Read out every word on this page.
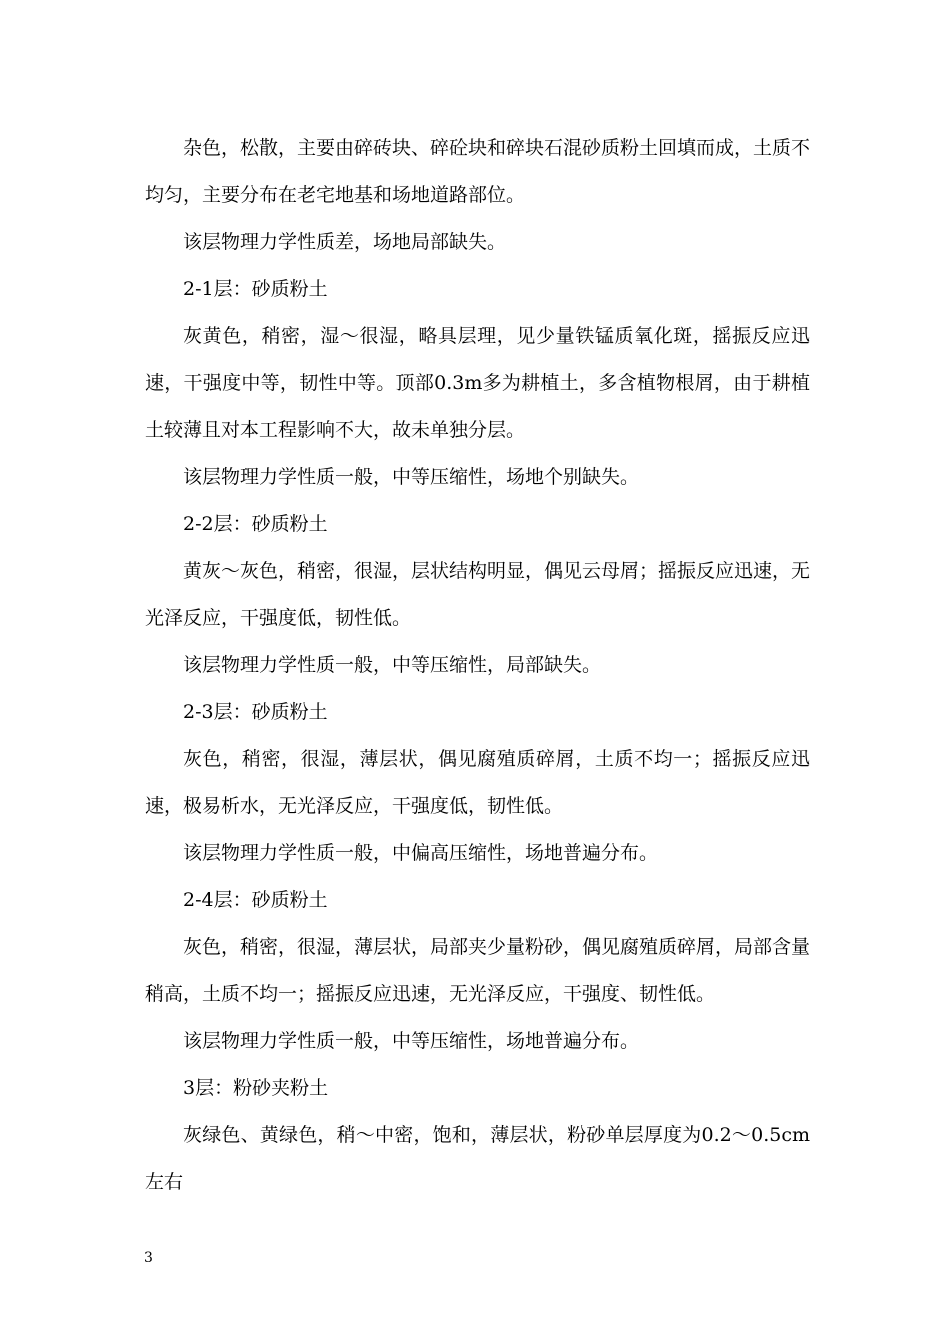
杂色，松散，主要由碎砖块、碎砼块和碎块石混砂质粉土回填而成，土质不均匀，主要分布在老宅地基和场地道路部位。

该层物理力学性质差，场地局部缺失。

2-1层：砂质粉土

灰黄色，稍密，湿～很湿，略具层理，见少量铁锰质氧化斑，摇振反应迅速，干强度中等，韧性中等。顶部0.3m多为耕植土，多含植物根屑，由于耕植土较薄且对本工程影响不大，故未单独分层。

该层物理力学性质一般，中等压缩性，场地个别缺失。

2-2层：砂质粉土

黄灰～灰色，稍密，很湿，层状结构明显，偶见云母屑；摇振反应迅速，无光泽反应，干强度低，韧性低。

该层物理力学性质一般，中等压缩性，局部缺失。

2-3层：砂质粉土

灰色，稍密，很湿，薄层状，偶见腐殖质碎屑，土质不均一；摇振反应迅速，极易析水，无光泽反应，干强度低，韧性低。

该层物理力学性质一般，中偏高压缩性，场地普遍分布。

2-4层：砂质粉土

灰色，稍密，很湿，薄层状，局部夹少量粉砂，偶见腐殖质碎屑，局部含量稍高，土质不均一；摇振反应迅速，无光泽反应，干强度、韧性低。

该层物理力学性质一般，中等压缩性，场地普遍分布。

3层：粉砂夹粉土

灰绿色、黄绿色，稍～中密，饱和，薄层状，粉砂单层厚度为0.2～0.5cm左右

3
